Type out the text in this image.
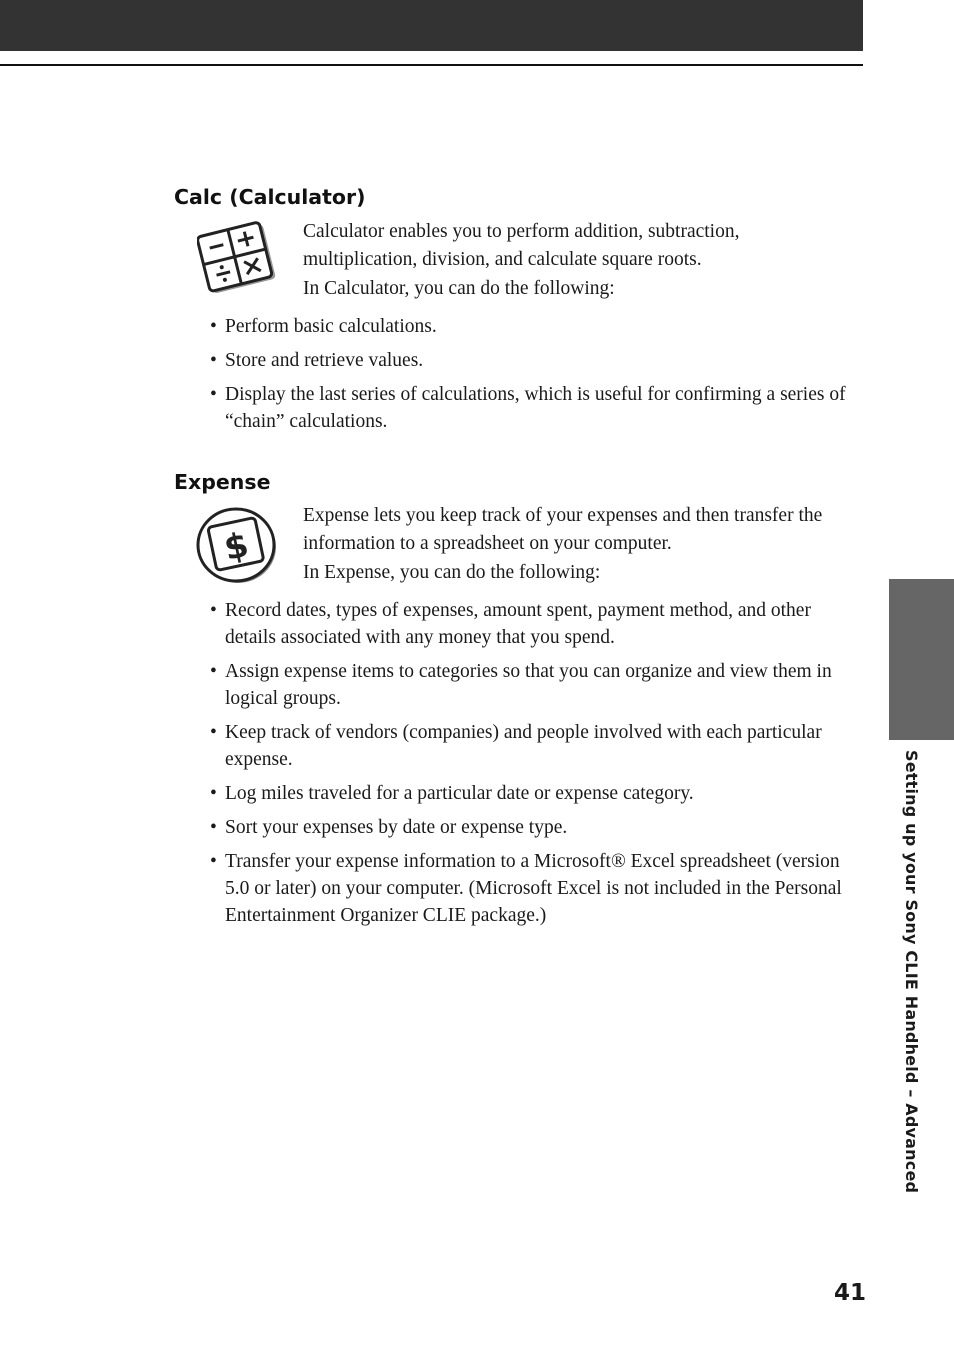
Calc (Calculator)

Calculator enables you to perform addition, subtraction, multiplication, division, and calculate square roots.

In Calculator, you can do the following:

• Perform basic calculations.
• Store and retrieve values.
• Display the last series of calculations, which is useful for confirming a series of “chain” calculations.
Expense
$

Expense lets you keep track of your expenses and then transfer the information to a spreadsheet on your computer.

In Expense, you can do the following:

• Record dates, types of expenses, amount spent, payment method, and other details associated with any money that you spend.
• Assign expense items to categories so that you can organize and view them in logical groups.
• Keep track of vendors (companies) and people involved with each particular expense.
• Log miles traveled for a particular date or expense category.
• Sort your expenses by date or expense type.
• Transfer your expense information to a Microsoft® Excel spreadsheet (version 5.0 or later) on your computer. (Microsoft Excel is not included in the Personal Entertainment Organizer CLIE package.)	Setting up your Sony CLIE Handheld – Advanced
41
